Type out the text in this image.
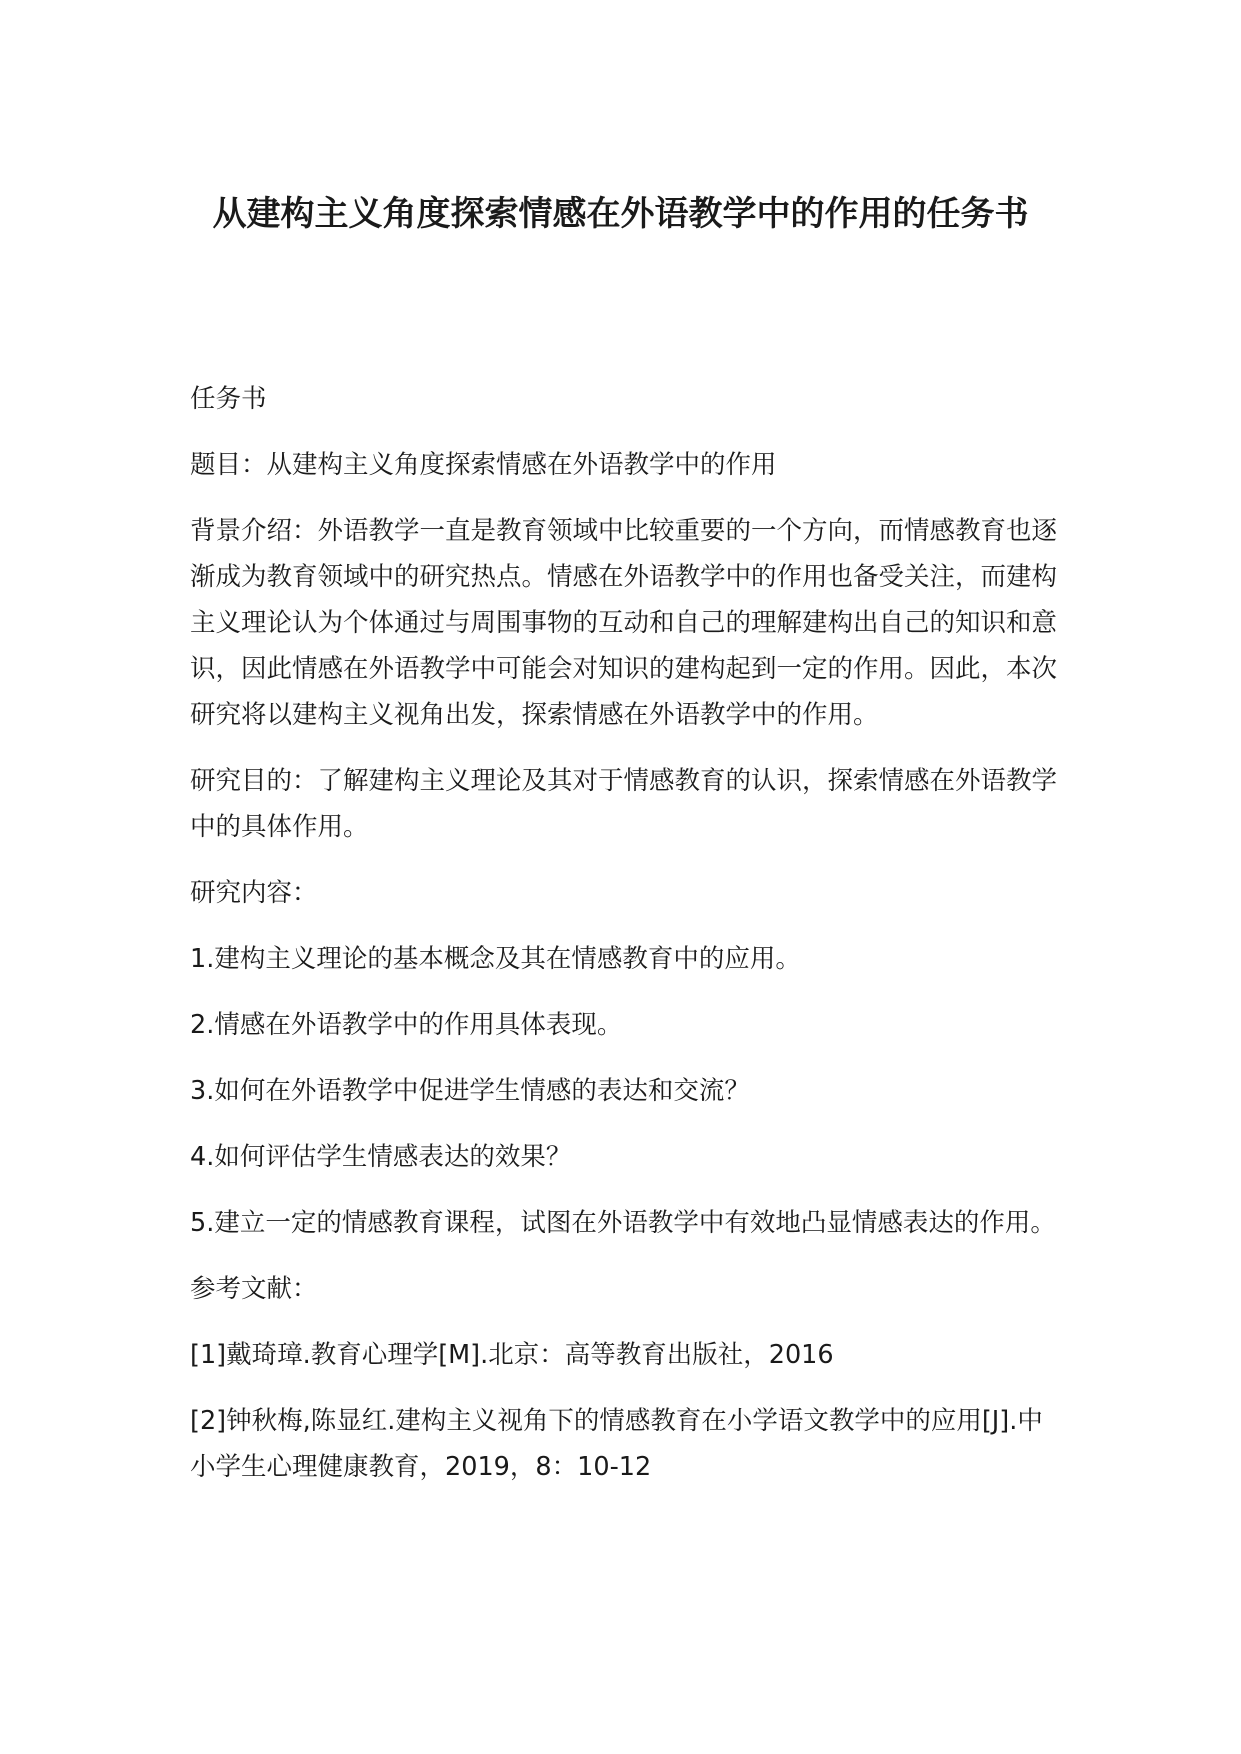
从建构主义角度探索情感在外语教学中的作用的任务书

任务书

题目：从建构主义角度探索情感在外语教学中的作用

背景介绍：外语教学一直是教育领域中比较重要的一个方向，而情感教育也逐渐成为教育领域中的研究热点。情感在外语教学中的作用也备受关注，而建构主义理论认为个体通过与周围事物的互动和自己的理解建构出自己的知识和意识，因此情感在外语教学中可能会对知识的建构起到一定的作用。因此，本次研究将以建构主义视角出发，探索情感在外语教学中的作用。

研究目的：了解建构主义理论及其对于情感教育的认识，探索情感在外语教学中的具体作用。

研究内容：

1.建构主义理论的基本概念及其在情感教育中的应用。

2.情感在外语教学中的作用具体表现。

3.如何在外语教学中促进学生情感的表达和交流？

4.如何评估学生情感表达的效果？

5.建立一定的情感教育课程，试图在外语教学中有效地凸显情感表达的作用。

参考文献：

[1]戴琦璋.教育心理学[M].北京：高等教育出版社，2016

[2]钟秋梅,陈显红.建构主义视角下的情感教育在小学语文教学中的应用[J].中小学生心理健康教育，2019，8：10-12
